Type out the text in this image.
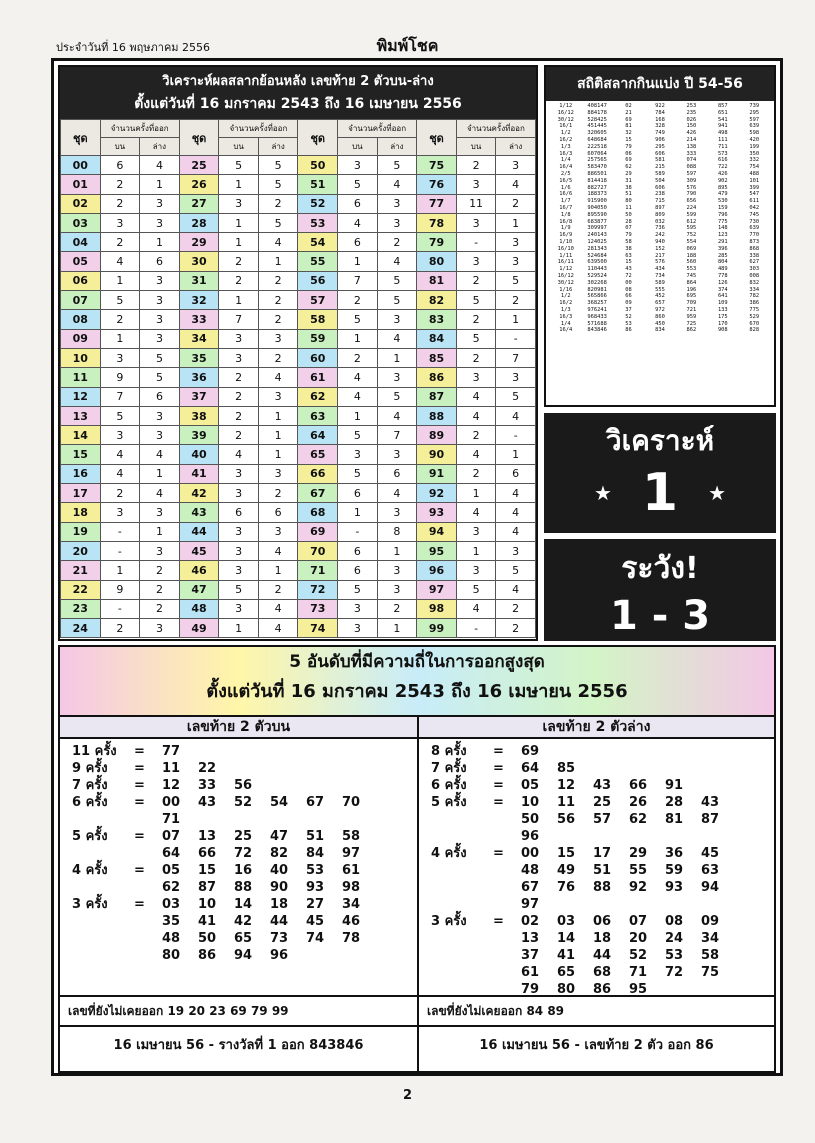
ประจำวันที่ 16 พฤษภาคม 2556	พิมพ์โชค
วิเคราะห์ผลสลากย้อนหลัง เลขท้าย 2 ตัวบน-ล่าง
ตั้งแต่วันที่ 16 มกราคม 2543 ถึง 16 เมษายน 2556
ชุด	จำนวนครั้งที่ออก		ชุด	จำนวนครั้งที่ออก		ชุด	จำนวนครั้งที่ออก		ชุด	จำนวนครั้งที่ออก	
	บน	ล่าง		บน	ล่าง		บน	ล่าง		บน	ล่าง
00	6	4	25	5	5	50	3	5	75	2	3
01	2	1	26	1	5	51	5	4	76	3	4
02	2	3	27	3	2	52	6	3	77	11	2
03	3	3	28	1	5	53	4	3	78	3	1
04	2	1	29	1	4	54	6	2	79	-	3
05	4	6	30	2	1	55	1	4	80	3	3
06	1	3	31	2	2	56	7	5	81	2	5
07	5	3	32	1	2	57	2	5	82	5	2
08	2	3	33	7	2	58	5	3	83	2	1
09	1	3	34	3	3	59	1	4	84	5	-
10	3	5	35	3	2	60	2	1	85	2	7
11	9	5	36	2	4	61	4	3	86	3	3
12	7	6	37	2	3	62	4	5	87	4	5
13	5	3	38	2	1	63	1	4	88	4	4
14	3	3	39	2	1	64	5	7	89	2	-
15	4	4	40	4	1	65	3	3	90	4	1
16	4	1	41	3	3	66	5	6	91	2	6
17	2	4	42	3	2	67	6	4	92	1	4
18	3	3	43	6	6	68	1	3	93	4	4
19	-	1	44	3	3	69	-	8	94	3	4
20	-	3	45	3	4	70	6	1	95	1	3
21	1	2	46	3	1	71	6	3	96	3	5
22	9	2	47	5	2	72	5	3	97	5	4
23	-	2	48	3	4	73	3	2	98	4	2
24	2	3	49	1	4	74	3	1	99	-	2
สถิติสลากกินแบ่ง ปี 54-56
1/12	408147	02	922	253	857	739
16/12	884178	21	784	235	651	295
30/12	528425	69	168	026	541	597
16/1	451445	81	328	150	941	639
1/2	320605	32	749	426	498	598
16/2	648684	15	906	214	111	420
1/3	222518	79	295	138	711	199
16/3	607064	06	606	333	573	350
1/4	257565	69	581	074	616	332
16/4	583470	62	215	088	722	754
2/5	886501	29	589	597	426	488
16/5	814418	31	504	309	902	101
1/6	882727	38	606	576	895	399
16/6	188373	51	238	790	479	547
1/7	915900	80	715	656	530	611
16/7	904050	11	897	224	159	042
1/8	895590	50	809	599	796	745
16/8	683877	28	032	612	775	730
1/9	309997	07	736	595	148	639
16/9	240143	79	242	752	123	770
1/10	124025	58	940	554	291	873
16/10	281343	38	152	069	396	868
1/11	524684	63	217	188	285	338
16/11	639500	15	576	560	804	627
1/12	110443	43	434	553	489	303
16/12	529524	72	734	745	778	008
30/12	302268	00	589	864	126	832
1/16	820981	08	555	196	374	334
1/2	565866	66	452	695	641	782
16/2	368257	09	657	709	109	386
1/3	976241	37	972	721	133	775
16/3	968433	52	860	959	175	529
1/4	571688	53	450	725	170	670
16/4	843846	86	834	862	908	828
วิเคราะห์
★ 1 ★
ระวัง!
1 - 3
5 อันดับที่มีความถี่ในการออกสูงสุด
ตั้งแต่วันที่ 16 มกราคม 2543 ถึง 16 เมษายน 2556
เลขท้าย 2 ตัวบน
11 ครั้ง	=	77
9 ครั้ง	=	11	22
7 ครั้ง	=	12	33	56
6 ครั้ง	=	00	43	52	54	67	70
71
5 ครั้ง	=	07	13	25	47	51	58
64	66	72	82	84	97
4 ครั้ง	=	05	15	16	40	53	61
62	87	88	90	93	98
3 ครั้ง	=	03	10	14	18	27	34
35	41	42	44	45	46
48	50	65	73	74	78
80	86	94	96
เลขที่ยังไม่เคยออก 19 20 23 69 79 99
16 เมษายน 56 - รางวัลที่ 1 ออก 843846
เลขท้าย 2 ตัวล่าง
8 ครั้ง	=	69
7 ครั้ง	=	64	85
6 ครั้ง	=	05	12	43	66	91
5 ครั้ง	=	10	11	25	26	28	43
50	56	57	62	81	87
96
4 ครั้ง	=	00	15	17	29	36	45
48	49	51	55	59	63
67	76	88	92	93	94
97
3 ครั้ง	=	02	03	06	07	08	09
13	14	18	20	24	34
37	41	44	52	53	58
61	65	68	71	72	75
79	80	86	95
เลขที่ยังไม่เคยออก 84 89
16 เมษายน 56 - เลขท้าย 2 ตัว ออก 86
2
